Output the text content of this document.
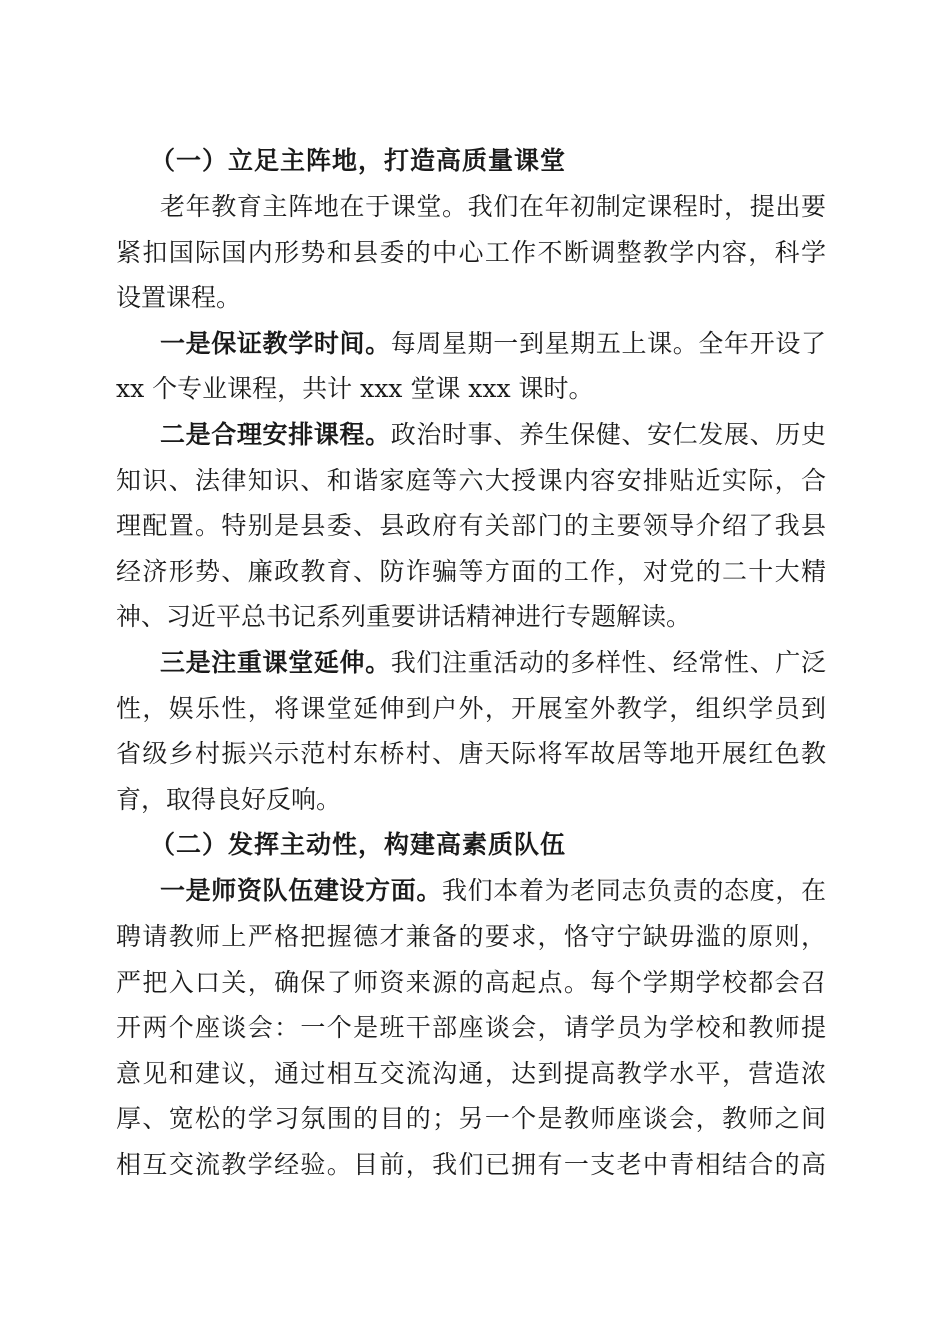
（一）立足主阵地，打造高质量课堂

老年教育主阵地在于课堂。我们在年初制定课程时，提出要
紧扣国际国内形势和县委的中心工作不断调整教学内容，科学
设置课程。

一是保证教学时间。每周星期一到星期五上课。全年开设了
xx 个专业课程，共计 xxx 堂课 xxx 课时。

二是合理安排课程。政治时事、养生保健、安仁发展、历史
知识、法律知识、和谐家庭等六大授课内容安排贴近实际，合
理配置。特别是县委、县政府有关部门的主要领导介绍了我县
经济形势、廉政教育、防诈骗等方面的工作，对党的二十大精
神、习近平总书记系列重要讲话精神进行专题解读。

三是注重课堂延伸。我们注重活动的多样性、经常性、广泛
性，娱乐性，将课堂延伸到户外，开展室外教学，组织学员到
省级乡村振兴示范村东桥村、唐天际将军故居等地开展红色教
育，取得良好反响。

（二）发挥主动性，构建高素质队伍

一是师资队伍建设方面。我们本着为老同志负责的态度，在
聘请教师上严格把握德才兼备的要求，恪守宁缺毋滥的原则，
严把入口关，确保了师资来源的高起点。每个学期学校都会召
开两个座谈会：一个是班干部座谈会，请学员为学校和教师提
意见和建议，通过相互交流沟通，达到提高教学水平，营造浓
厚、宽松的学习氛围的目的；另一个是教师座谈会，教师之间
相互交流教学经验。目前，我们已拥有一支老中青相结合的高
